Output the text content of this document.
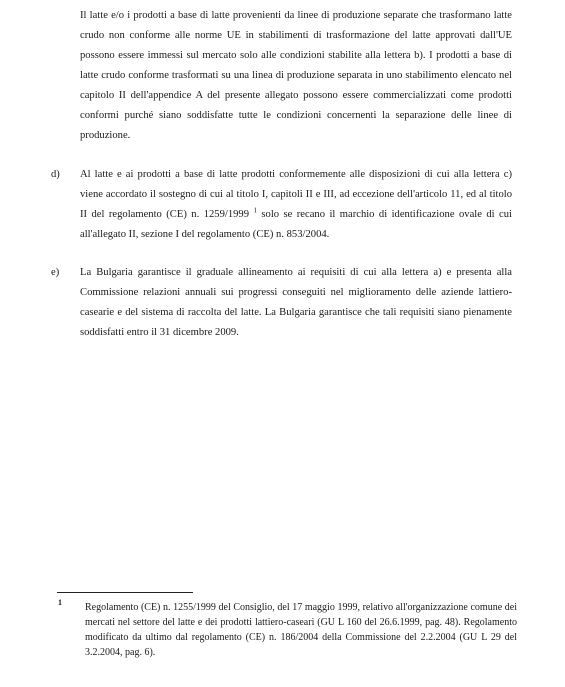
Il latte e/o i prodotti a base di latte provenienti da linee di produzione separate che trasformano latte crudo non conforme alle norme UE in stabilimenti di trasformazione del latte approvati dall'UE possono essere immessi sul mercato solo alle condizioni stabilite alla lettera b). I prodotti a base di latte crudo conforme trasformati su una linea di produzione separata in uno stabilimento elencato nel capitolo II dell'appendice A del presente allegato possono essere commercializzati come prodotti conformi purché siano soddisfatte tutte le condizioni concernenti la separazione delle linee di produzione.
d) Al latte e ai prodotti a base di latte prodotti conformemente alle disposizioni di cui alla lettera c) viene accordato il sostegno di cui al titolo I, capitoli II e III, ad eccezione dell'articolo 11, ed al titolo II del regolamento (CE) n. 1259/1999 $^1$ solo se recano il marchio di identificazione ovale di cui all'allegato II, sezione I del regolamento (CE) n. 853/2004.
e) La Bulgaria garantisce il graduale allineamento ai requisiti di cui alla lettera a) e presenta alla Commissione relazioni annuali sui progressi conseguiti nel miglioramento delle aziende lattiero-casearie e del sistema di raccolta del latte. La Bulgaria garantisce che tali requisiti siano pienamente soddisfatti entro il 31 dicembre 2009.
1 Regolamento (CE) n. 1255/1999 del Consiglio, del 17 maggio 1999, relativo all'organizzazione comune dei mercati nel settore del latte e dei prodotti lattiero-caseari (GU L 160 del 26.6.1999, pag. 48). Regolamento modificato da ultimo dal regolamento (CE) n. 186/2004 della Commissione del 2.2.2004 (GU L 29 del 3.2.2004, pag. 6).
